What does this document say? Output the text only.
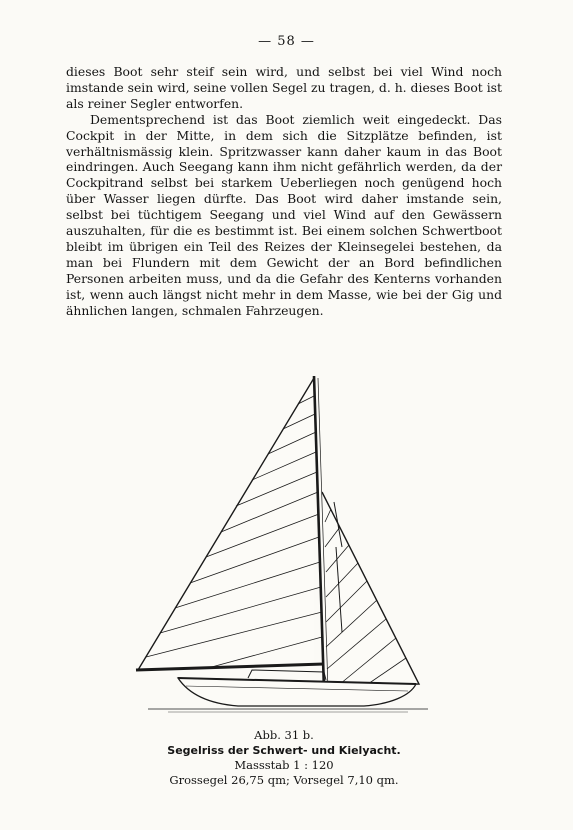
— 58 —

dieses Boot sehr steif sein wird, und selbst bei viel Wind noch imstande sein wird, seine vollen Segel zu tragen, d. h. dieses Boot ist als reiner Segler entworfen.

Dementsprechend ist das Boot ziemlich weit eingedeckt. Das Cockpit in der Mitte, in dem sich die Sitzplätze befinden, ist verhältnismässig klein. Spritzwasser kann daher kaum in das Boot eindringen. Auch Seegang kann ihm nicht gefährlich werden, da der Cockpitrand selbst bei starkem Ueberliegen noch genügend hoch über Wasser liegen dürfte. Das Boot wird daher imstande sein, selbst bei tüchtigem Seegang und viel Wind auf den Gewässern auszuhalten, für die es bestimmt ist. Bei einem solchen Schwertboot bleibt im übrigen ein Teil des Reizes der Kleinsegelei bestehen, da man bei Flundern mit dem Gewicht der an Bord befindlichen Personen arbeiten muss, und da die Gefahr des Kenterns vorhanden ist, wenn auch längst nicht mehr in dem Masse, wie bei der Gig und ähnlichen langen, schmalen Fahrzeugen.

Abb. 31 b.
Segelriss der Schwert- und Kielyacht.
Massstab 1 : 120
Grossegel 26,75 qm; Vorsegel 7,10 qm.
